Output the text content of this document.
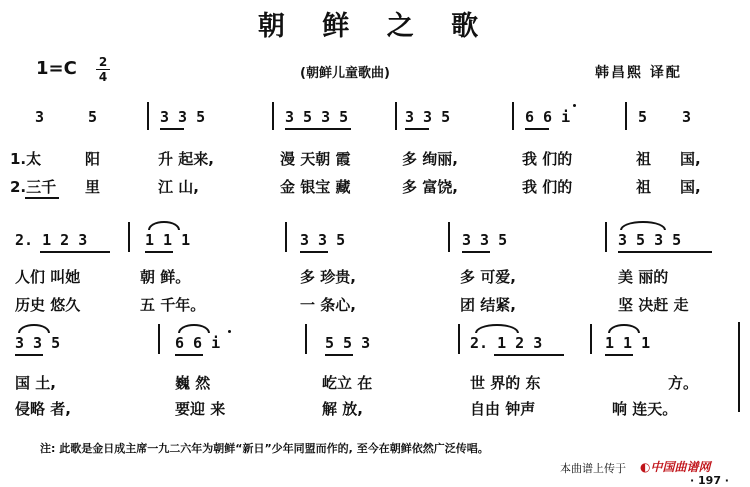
朝 鲜 之 歌
1=C 2
4	(朝鲜儿童歌曲)	韩昌熙 译配
3	5	3 3 5	3 5 3 5	3 3 5	6 6 i	5 3
1.太	阳	升 起来,	漫 天朝 霞	多 绚丽,	我 们的	祖 国,
2.三千 里	江 山,	金 银宝 藏	多 富饶,	我 们的	祖 国,
2. 1 2 3	1 1 1	3 3 5	3 3 5	3 5 3 5
人们 叫她	朝 鲜。	多 珍贵,	多 可爱,	美 丽的
历史 悠久	五 千年。	一 条心,	团 结紧,	坚 决赶 走
3 3 5	6 6 i	5 5 3	2. 1 2 3	1 1 1
国 土,	巍 然	屹立 在	世 界的 东	方。
侵略 者,	要迎 来	解 放,	自由 钟声	响 连天。
注: 此歌是金日成主席一九二六年为朝鲜“新日”少年同盟而作的, 至今在朝鲜依然广泛传唱。
本曲谱上传于 ◐中国曲谱网
· 197 ·
